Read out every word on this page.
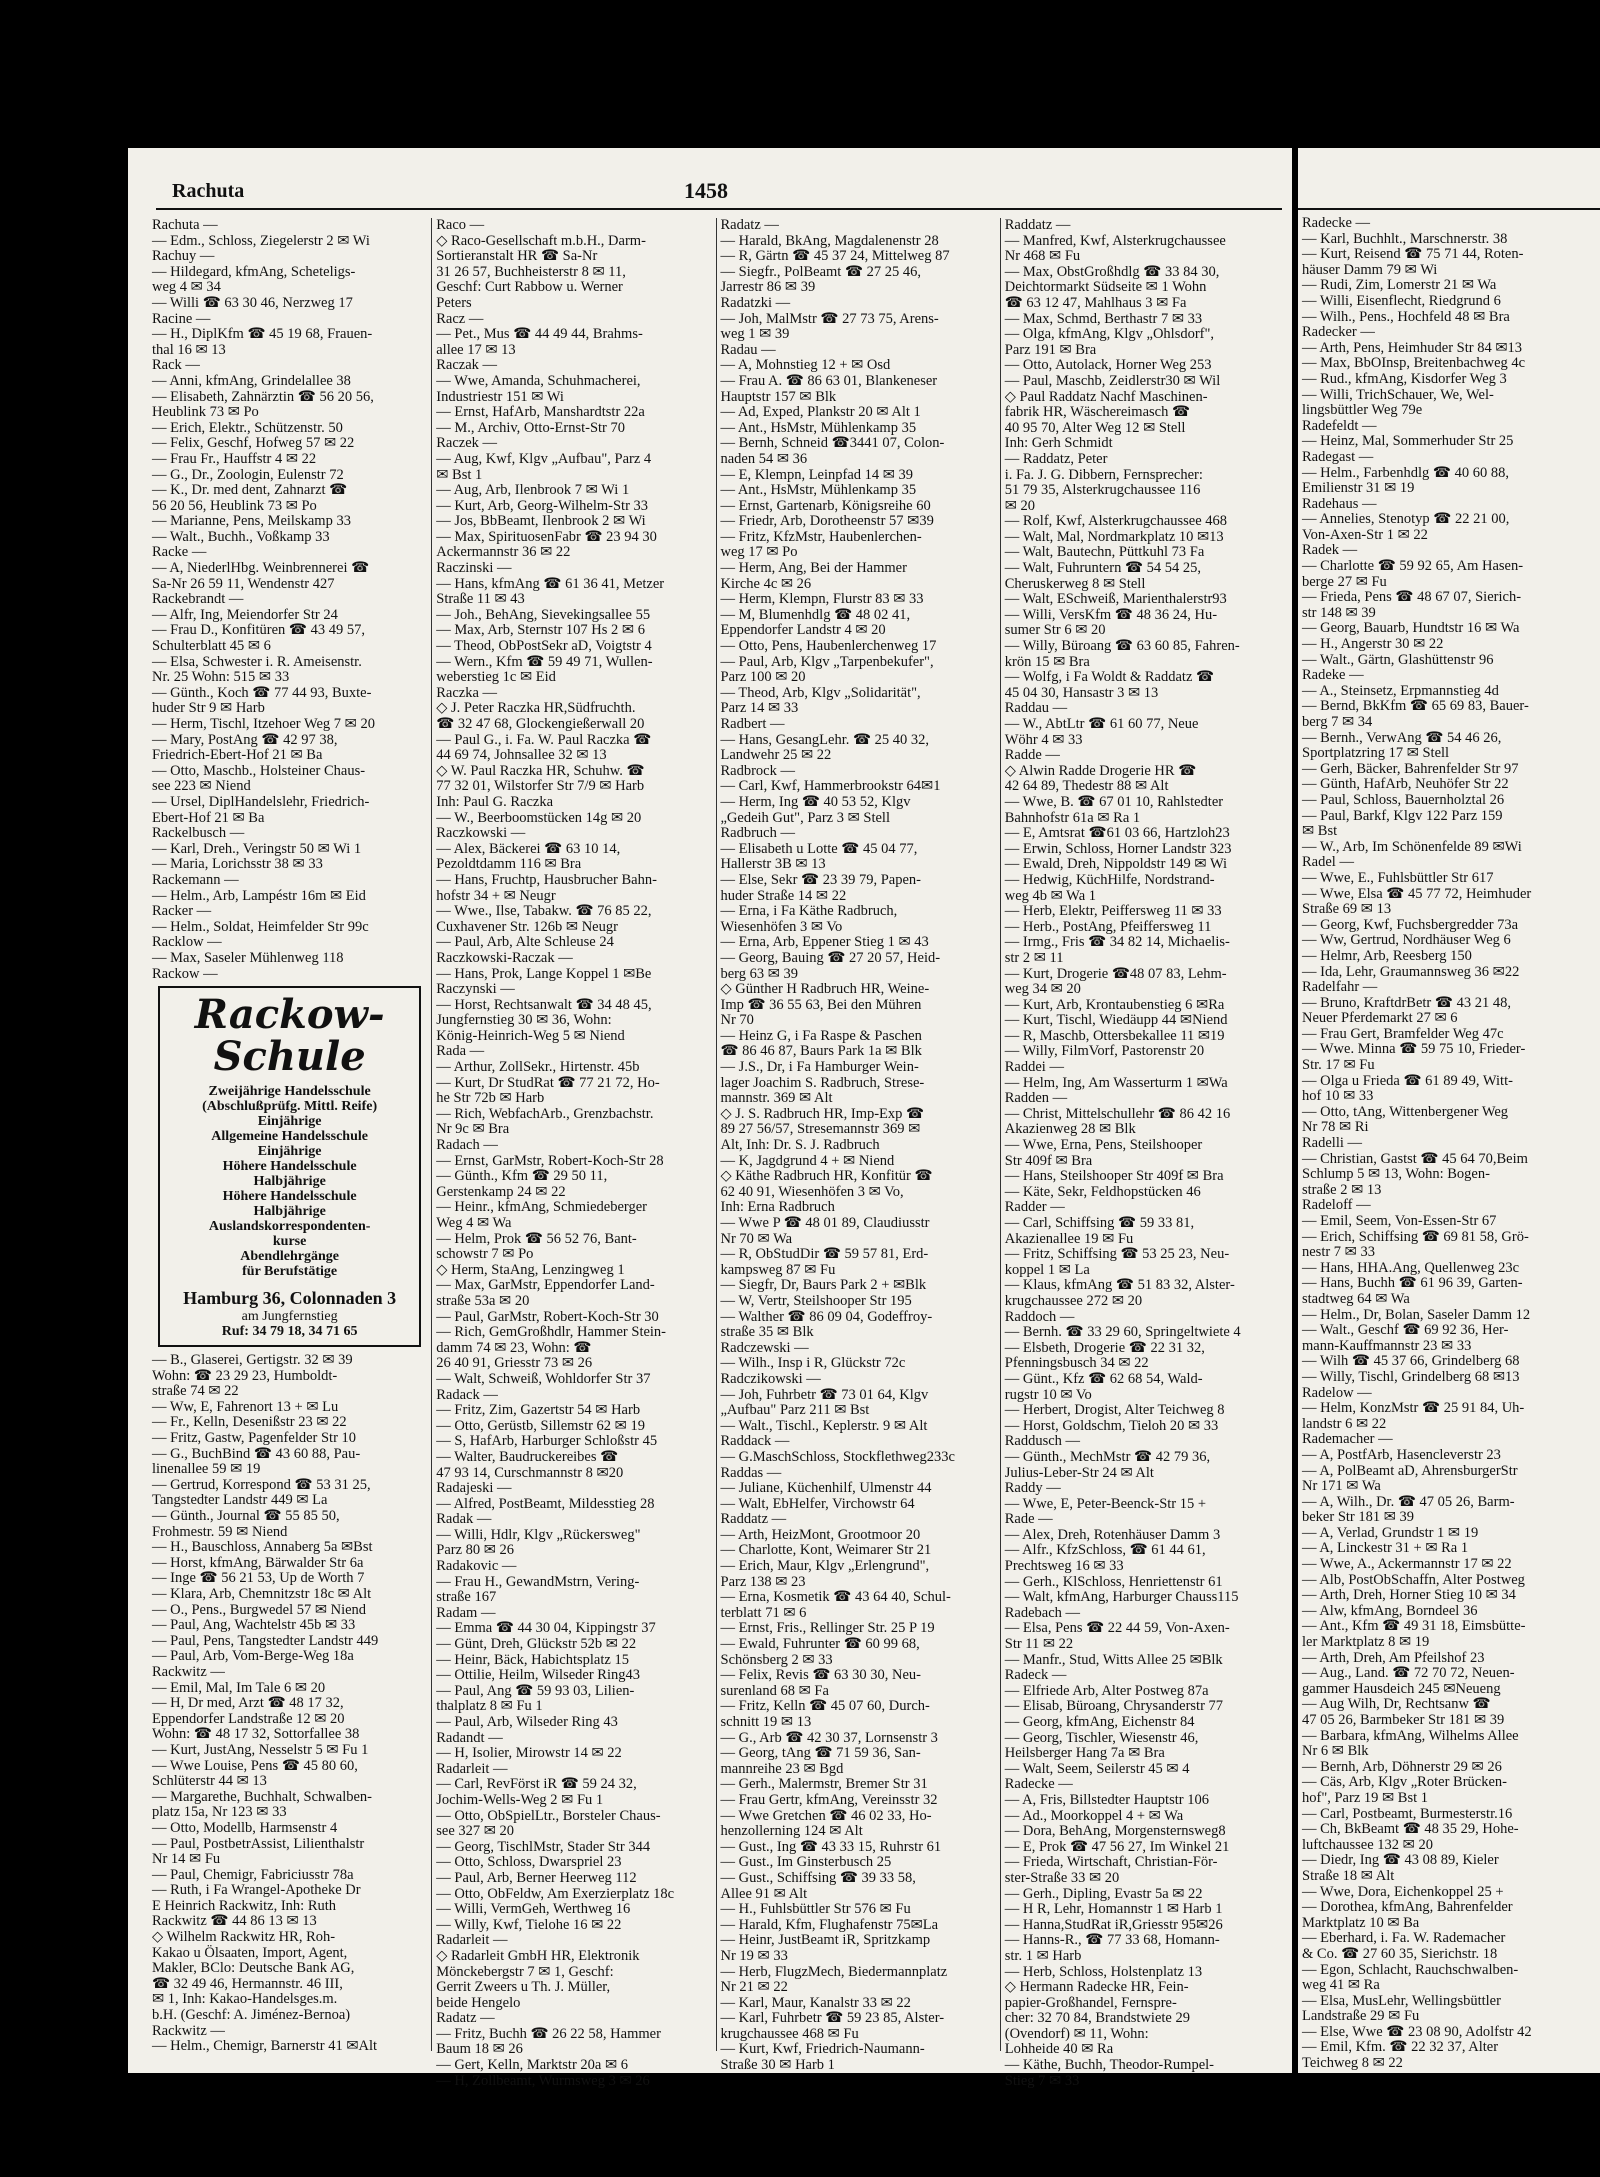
Rachuta	1458
Rachuta —
— Edm., Schloss, Ziegelerstr 2 ✉ Wi
Rachuy —
— Hildegard, kfmAng, Scheteligs-
weg 4 ✉ 34
— Willi ☎ 63 30 46, Nerzweg 17
Racine —
— H., DiplKfm ☎ 45 19 68, Frauen-
thal 16 ✉ 13
Rack —
— Anni, kfmAng, Grindelallee 38
— Elisabeth, Zahnärztin ☎ 56 20 56,
Heublink 73 ✉ Po
— Erich, Elektr., Schützenstr. 50
— Felix, Geschf, Hofweg 57 ✉ 22
— Frau Fr., Hauffstr 4 ✉ 22
— G., Dr., Zoologin, Eulenstr 72
— K., Dr. med dent, Zahnarzt ☎
56 20 56, Heublink 73 ✉ Po
— Marianne, Pens, Meilskamp 33
— Walt., Buchh., Voßkamp 33
Racke —
— A, NiederlHbg. Weinbrennerei ☎
Sa-Nr 26 59 11, Wendenstr 427
Rackebrandt —
— Alfr, Ing, Meiendorfer Str 24
— Frau D., Konfitüren ☎ 43 49 57,
Schulterblatt 45 ✉ 6
— Elsa, Schwester i. R. Ameisenstr.
Nr. 25 Wohn: 515 ✉ 33
— Günth., Koch ☎ 77 44 93, Buxte-
huder Str 9 ✉ Harb
— Herm, Tischl, Itzehoer Weg 7 ✉ 20
— Mary, PostAng ☎ 42 97 38,
Friedrich-Ebert-Hof 21 ✉ Ba
— Otto, Maschb., Holsteiner Chaus-
see 223 ✉ Niend
— Ursel, DiplHandelslehr, Friedrich-
Ebert-Hof 21 ✉ Ba
Rackelbusch —
— Karl, Dreh., Veringstr 50 ✉ Wi 1
— Maria, Lorichsstr 38 ✉ 33
Rackemann —
— Helm., Arb, Lampéstr 16m ✉ Eid
Racker —
— Helm., Soldat, Heimfelder Str 99c
Racklow —
— Max, Saseler Mühlenweg 118
Rackow —
Rackow-
Schule
Zweijährige Handelsschule
(Abschlußprüfg. Mittl. Reife)
Einjährige
Allgemeine Handelsschule
Einjährige
Höhere Handelsschule
Halbjährige
Höhere Handelsschule
Halbjährige
Auslandskorrespondenten-
kurse
Abendlehrgänge
für Berufstätige
Hamburg 36, Colonnaden 3
am Jungfernstieg
Ruf: 34 79 18, 34 71 65
— B., Glaserei, Gertigstr. 32 ✉ 39
Wohn: ☎ 23 29 23, Humboldt-
straße 74 ✉ 22
— Ww, E, Fahrenort 13 + ✉ Lu
— Fr., Kelln, Desenißstr 23 ✉ 22
— Fritz, Gastw, Pagenfelder Str 10
— G., BuchBind ☎ 43 60 88, Pau-
linenallee 59 ✉ 19
— Gertrud, Korrespond ☎ 53 31 25,
Tangstedter Landstr 449 ✉ La
— Günth., Journal ☎ 55 85 50,
Frohmestr. 59 ✉ Niend
— H., Bauschloss, Annaberg 5a ✉Bst
— Horst, kfmAng, Bärwalder Str 6a
— Inge ☎ 56 21 53, Up de Worth 7
— Klara, Arb, Chemnitzstr 18c ✉ Alt
— O., Pens., Burgwedel 57 ✉ Niend
— Paul, Ang, Wachtelstr 45b ✉ 33
— Paul, Pens, Tangstedter Landstr 449
— Paul, Arb, Vom-Berge-Weg 18a
Rackwitz —
— Emil, Mal, Im Tale 6 ✉ 20
— H, Dr med, Arzt ☎ 48 17 32,
Eppendorfer Landstraße 12 ✉ 20
Wohn: ☎ 48 17 32, Sottorfallee 38
— Kurt, JustAng, Nesselstr 5 ✉ Fu 1
— Wwe Louise, Pens ☎ 45 80 60,
Schlüterstr 44 ✉ 13
— Margarethe, Buchhalt, Schwalben-
platz 15a, Nr 123 ✉ 33
— Otto, Modellb, Harmsenstr 4
— Paul, PostbetrAssist, Lilienthalstr
Nr 14 ✉ Fu
— Paul, Chemigr, Fabriciusstr 78a
— Ruth, i Fa Wrangel-Apotheke Dr
E Heinrich Rackwitz, Inh: Ruth
Rackwitz ☎ 44 86 13 ✉ 13
◇ Wilhelm Rackwitz HR, Roh-
Kakao u Ölsaaten, Import, Agent,
Makler, BClo: Deutsche Bank AG,
☎ 32 49 46, Hermannstr. 46 III,
✉ 1, Inh: Kakao-Handelsges.m.
b.H. (Geschf: A. Jiménez-Bernoa)
Rackwitz —
— Helm., Chemigr, Barnerstr 41 ✉Alt
Raco —
◇ Raco-Gesellschaft m.b.H., Darm-
Sortieranstalt HR ☎ Sa-Nr
31 26 57, Buchheisterstr 8 ✉ 11,
Geschf: Curt Rabbow u. Werner
Peters
Racz —
— Pet., Mus ☎ 44 49 44, Brahms-
allee 17 ✉ 13
Raczak —
— Wwe, Amanda, Schuhmacherei,
Industriestr 151 ✉ Wi
— Ernst, HafArb, Manshardtstr 22a
— M., Archiv, Otto-Ernst-Str 70
Raczek —
— Aug, Kwf, Klgv „Aufbau", Parz 4
✉ Bst 1
— Aug, Arb, Ilenbrook 7 ✉ Wi 1
— Kurt, Arb, Georg-Wilhelm-Str 33
— Jos, BbBeamt, Ilenbrook 2 ✉ Wi
— Max, SpirituosenFabr ☎ 23 94 30
Ackermannstr 36 ✉ 22
Raczinski —
— Hans, kfmAng ☎ 61 36 41, Metzer
Straße 11 ✉ 43
— Joh., BehAng, Sievekingsallee 55
— Max, Arb, Sternstr 107 Hs 2 ✉ 6
— Theod, ObPostSekr aD, Voigtstr 4
— Wern., Kfm ☎ 59 49 71, Wullen-
weberstieg 1c ✉ Eid
Raczka —
◇ J. Peter Raczka HR,Südfruchth.
☎ 32 47 68, Glockengießerwall 20
— Paul G., i. Fa. W. Paul Raczka ☎
44 69 74, Johnsallee 32 ✉ 13
◇ W. Paul Raczka HR, Schuhw. ☎
77 32 01, Wilstorfer Str 7/9 ✉ Harb
Inh: Paul G. Raczka
— W., Beerboomstücken 14g ✉ 20
Raczkowski —
— Alex, Bäckerei ☎ 63 10 14,
Pezoldtdamm 116 ✉ Bra
— Hans, Fruchtp, Hausbrucher Bahn-
hofstr 34 + ✉ Neugr
— Wwe., Ilse, Tabakw. ☎ 76 85 22,
Cuxhavener Str. 126b ✉ Neugr
— Paul, Arb, Alte Schleuse 24
Raczkowski-Raczak —
— Hans, Prok, Lange Koppel 1 ✉Be
Raczynski —
— Horst, Rechtsanwalt ☎ 34 48 45,
Jungfernstieg 30 ✉ 36, Wohn:
König-Heinrich-Weg 5 ✉ Niend
Rada —
— Arthur, ZollSekr., Hirtenstr. 45b
— Kurt, Dr StudRat ☎ 77 21 72, Ho-
he Str 72b ✉ Harb
— Rich, WebfachArb., Grenzbachstr.
Nr 9c ✉ Bra
Radach —
— Ernst, GarMstr, Robert-Koch-Str 28
— Günth., Kfm ☎ 29 50 11,
Gerstenkamp 24 ✉ 22
— Heinr., kfmAng, Schmiedeberger
Weg 4 ✉ Wa
— Helm, Prok ☎ 56 52 76, Bant-
schowstr 7 ✉ Po
◇ Herm, StaAng, Lenzingweg 1
— Max, GarMstr, Eppendorfer Land-
straße 53a ✉ 20
— Paul, GarMstr, Robert-Koch-Str 30
— Rich, GemGroßhdlr, Hammer Stein-
damm 74 ✉ 23, Wohn: ☎
26 40 91, Griesstr 73 ✉ 26
— Walt, Schweiß, Wohldorfer Str 37
Radack —
— Fritz, Zim, Gazertstr 54 ✉ Harb
— Otto, Gerüstb, Sillemstr 62 ✉ 19
— S, HafArb, Harburger Schloßstr 45
— Walter, Baudruckereibes ☎
47 93 14, Curschmannstr 8 ✉20
Radajeski —
— Alfred, PostBeamt, Mildesstieg 28
Radak —
— Willi, Hdlr, Klgv „Rückersweg"
Parz 80 ✉ 26
Radakovic —
— Frau H., GewandMstrn, Vering-
straße 167
Radam —
— Emma ☎ 44 30 04, Kippingstr 37
— Günt, Dreh, Glückstr 52b ✉ 22
— Heinr, Bäck, Habichtsplatz 15
— Ottilie, Heilm, Wilseder Ring43
— Paul, Ang ☎ 59 93 03, Lilien-
thalplatz 8 ✉ Fu 1
— Paul, Arb, Wilseder Ring 43
Radandt —
— H, Isolier, Mirowstr 14 ✉ 22
Radarleit —
— Carl, RevFörst iR ☎ 59 24 32,
Jochim-Wells-Weg 2 ✉ Fu 1
— Otto, ObSpielLtr., Borsteler Chaus-
see 327 ✉ 20
— Georg, TischlMstr, Stader Str 344
— Otto, Schloss, Dwarspriel 23
— Paul, Arb, Berner Heerweg 112
— Otto, ObFeldw, Am Exerzierplatz 18c
— Willi, VermGeh, Werthweg 16
— Willy, Kwf, Tielohe 16 ✉ 22
Radarleit —
◇ Radarleit GmbH HR, Elektronik
Mönckebergstr 7 ✉ 1, Geschf:
Gerrit Zweers u Th. J. Müller,
beide Hengelo
Radatz —
— Fritz, Buchh ☎ 26 22 58, Hammer
Baum 18 ✉ 26
— Gert, Kelln, Marktstr 20a ✉ 6
— H, Zollbeamt, Wurmsweg 3 ✉ 26
Radatz —
— Harald, BkAng, Magdalenenstr 28
— R, Gärtn ☎ 45 37 24, Mittelweg 87
— Siegfr., PolBeamt ☎ 27 25 46,
Jarrestr 86 ✉ 39
Radatzki —
— Joh, MalMstr ☎ 27 73 75, Arens-
weg 1 ✉ 39
Radau —
— A, Mohnstieg 12 + ✉ Osd
— Frau A. ☎ 86 63 01, Blankeneser
Hauptstr 157 ✉ Blk
— Ad, Exped, Plankstr 20 ✉ Alt 1
— Ant., HsMstr, Mühlenkamp 35
— Bernh, Schneid ☎3441 07, Colon-
naden 54 ✉ 36
— E, Klempn, Leinpfad 14 ✉ 39
— Ant., HsMstr, Mühlenkamp 35
— Ernst, Gartenarb, Königsreihe 60
— Friedr, Arb, Dorotheenstr 57 ✉39
— Fritz, KfzMstr, Haubenlerchen-
weg 17 ✉ Po
— Herm, Ang, Bei der Hammer
Kirche 4c ✉ 26
— Herm, Klempn, Flurstr 83 ✉ 33
— M, Blumenhdlg ☎ 48 02 41,
Eppendorfer Landstr 4 ✉ 20
— Otto, Pens, Haubenlerchenweg 17
— Paul, Arb, Klgv „Tarpenbekufer",
Parz 100 ✉ 20
— Theod, Arb, Klgv „Solidarität",
Parz 14 ✉ 33
Radbert —
— Hans, GesangLehr. ☎ 25 40 32,
Landwehr 25 ✉ 22
Radbrock —
— Carl, Kwf, Hammerbrookstr 64✉1
— Herm, Ing ☎ 40 53 52, Klgv
„Gedeih Gut", Parz 3 ✉ Stell
Radbruch —
— Elisabeth u Lotte ☎ 45 04 77,
Hallerstr 3B ✉ 13
— Else, Sekr ☎ 23 39 79, Papen-
huder Straße 14 ✉ 22
— Erna, i Fa Käthe Radbruch,
Wiesenhöfen 3 ✉ Vo
— Erna, Arb, Eppener Stieg 1 ✉ 43
— Georg, Bauing ☎ 27 20 57, Heid-
berg 63 ✉ 39
◇ Günther H Radbruch HR, Weine-
Imp ☎ 36 55 63, Bei den Mühren
Nr 70
— Heinz G, i Fa Raspe & Paschen
☎ 86 46 87, Baurs Park 1a ✉ Blk
— J.S., Dr, i Fa Hamburger Wein-
lager Joachim S. Radbruch, Strese-
mannstr. 369 ✉ Alt
◇ J. S. Radbruch HR, Imp-Exp ☎
89 27 56/57, Stresemannstr 369 ✉
Alt, Inh: Dr. S. J. Radbruch
— K, Jagdgrund 4 + ✉ Niend
◇ Käthe Radbruch HR, Konfitür ☎
62 40 91, Wiesenhöfen 3 ✉ Vo,
Inh: Erna Radbruch
— Wwe P ☎ 48 01 89, Claudiusstr
Nr 70 ✉ Wa
— R, ObStudDir ☎ 59 57 81, Erd-
kampsweg 87 ✉ Fu
— Siegfr, Dr, Baurs Park 2 + ✉Blk
— W, Vertr, Steilshooper Str 195
— Walther ☎ 86 09 04, Godeffroy-
straße 35 ✉ Blk
Radczewski —
— Wilh., Insp i R, Glückstr 72c
Radczikowski —
— Joh, Fuhrbetr ☎ 73 01 64, Klgv
„Aufbau" Parz 211 ✉ Bst
— Walt., Tischl., Keplerstr. 9 ✉ Alt
Raddack —
— G.MaschSchloss, Stockflethweg233c
Raddas —
— Juliane, Küchenhilf, Ulmenstr 44
— Walt, EbHelfer, Virchowstr 64
Raddatz —
— Arth, HeizMont, Grootmoor 20
— Charlotte, Kont, Weimarer Str 21
— Erich, Maur, Klgv „Erlengrund",
Parz 138 ✉ 23
— Erna, Kosmetik ☎ 43 64 40, Schul-
terblatt 71 ✉ 6
— Ernst, Fris., Rellinger Str. 25 P 19
— Ewald, Fuhrunter ☎ 60 99 68,
Schönsberg 2 ✉ 33
— Felix, Revis ☎ 63 30 30, Neu-
surenland 68 ✉ Fa
— Fritz, Kelln ☎ 45 07 60, Durch-
schnitt 19 ✉ 13
— G., Arb ☎ 42 30 37, Lornsenstr 3
— Georg, tAng ☎ 71 59 36, San-
mannreihe 23 ✉ Bgd
— Gerh., Malermstr, Bremer Str 31
— Frau Gertr, kfmAng, Vereinsstr 32
— Wwe Gretchen ☎ 46 02 33, Ho-
henzollerning 124 ✉ Alt
— Gust., Ing ☎ 43 33 15, Ruhrstr 61
— Gust., Im Ginsterbusch 25
— Gust., Schiffsing ☎ 39 33 58,
Allee 91 ✉ Alt
— H., Fuhlsbüttler Str 576 ✉ Fu
— Harald, Kfm, Flughafenstr 75✉La
— Heinr, JustBeamt iR, Spritzkamp
Nr 19 ✉ 33
— Herb, FlugzMech, Biedermannplatz
Nr 21 ✉ 22
— Karl, Maur, Kanalstr 33 ✉ 22
— Karl, Fuhrbetr ☎ 59 23 85, Alster-
krugchaussee 468 ✉ Fu
— Kurt, Kwf, Friedrich-Naumann-
Straße 30 ✉ Harb 1
Raddatz —
— Manfred, Kwf, Alsterkrugchaussee
Nr 468 ✉ Fu
— Max, ObstGroßhdlg ☎ 33 84 30,
Deichtormarkt Südseite ✉ 1 Wohn
☎ 63 12 47, Mahlhaus 3 ✉ Fa
— Max, Schmd, Berthastr 7 ✉ 33
— Olga, kfmAng, Klgv „Ohlsdorf",
Parz 191 ✉ Bra
— Otto, Autolack, Horner Weg 253
— Paul, Maschb, Zeidlerstr30 ✉ Wil
◇ Paul Raddatz Nachf Maschinen-
fabrik HR, Wäschereimasch ☎
40 95 70, Alter Weg 12 ✉ Stell
Inh: Gerh Schmidt
— Raddatz, Peter
i. Fa. J. G. Dibbern, Fernsprecher:
51 79 35, Alsterkrugchaussee 116
✉ 20
— Rolf, Kwf, Alsterkrugchaussee 468
— Walt, Mal, Nordmarkplatz 10 ✉13
— Walt, Bautechn, Püttkuhl 73 Fa
— Walt, Fuhruntern ☎ 54 54 25,
Cheruskerweg 8 ✉ Stell
— Walt, ESchweiß, Marienthalerstr93
— Willi, VersKfm ☎ 48 36 24, Hu-
sumer Str 6 ✉ 20
— Willy, Büroang ☎ 63 60 85, Fahren-
krön 15 ✉ Bra
— Wolfg, i Fa Woldt & Raddatz ☎
45 04 30, Hansastr 3 ✉ 13
Raddau —
— W., AbtLtr ☎ 61 60 77, Neue
Wöhr 4 ✉ 33
Radde —
◇ Alwin Radde Drogerie HR ☎
42 64 89, Thedestr 88 ✉ Alt
— Wwe, B. ☎ 67 01 10, Rahlstedter
Bahnhofstr 61a ✉ Ra 1
— E, Amtsrat ☎61 03 66, Hartzloh23
— Erwin, Schloss, Horner Landstr 323
— Ewald, Dreh, Nippoldstr 149 ✉ Wi
— Hedwig, KüchHilfe, Nordstrand-
weg 4b ✉ Wa 1
— Herb, Elektr, Peiffersweg 11 ✉ 33
— Herb., PostAng, Pfeiffersweg 11
— Irmg., Fris ☎ 34 82 14, Michaelis-
str 2 ✉ 11
— Kurt, Drogerie ☎48 07 83, Lehm-
weg 34 ✉ 20
— Kurt, Arb, Krontaubenstieg 6 ✉Ra
— Kurt, Tischl, Wiedäupp 44 ✉Niend
— R, Maschb, Ottersbekallee 11 ✉19
— Willy, FilmVorf, Pastorenstr 20
Raddei —
— Helm, Ing, Am Wasserturm 1 ✉Wa
Radden —
— Christ, Mittelschullehr ☎ 86 42 16
Akazienweg 28 ✉ Blk
— Wwe, Erna, Pens, Steilshooper
Str 409f ✉ Bra
— Hans, Steilshooper Str 409f ✉ Bra
— Käte, Sekr, Feldhopstücken 46
Radder —
— Carl, Schiffsing ☎ 59 33 81,
Akazienallee 19 ✉ Fu
— Fritz, Schiffsing ☎ 53 25 23, Neu-
koppel 1 ✉ La
— Klaus, kfmAng ☎ 51 83 32, Alster-
krugchaussee 272 ✉ 20
Raddoch —
— Bernh. ☎ 33 29 60, Springeltwiete 4
— Elsbeth, Drogerie ☎ 22 31 32,
Pfenningsbusch 34 ✉ 22
— Günt., Kfz ☎ 62 68 54, Wald-
rugstr 10 ✉ Vo
— Herbert, Drogist, Alter Teichweg 8
— Horst, Goldschm, Tieloh 20 ✉ 33
Raddusch —
— Günth., MechMstr ☎ 42 79 36,
Julius-Leber-Str 24 ✉ Alt
Raddy —
— Wwe, E, Peter-Beenck-Str 15 +
Rade —
— Alex, Dreh, Rotenhäuser Damm 3
— Alfr., KfzSchloss, ☎ 61 44 61,
Prechtsweg 16 ✉ 33
— Gerh., KlSchloss, Henriettenstr 61
— Walt, kfmAng, Harburger Chauss115
Radebach —
— Elsa, Pens ☎ 22 44 59, Von-Axen-
Str 11 ✉ 22
— Manfr., Stud, Witts Allee 25 ✉Blk
Radeck —
— Elfriede Arb, Alter Postweg 87a
— Elisab, Büroang, Chrysanderstr 77
— Georg, kfmAng, Eichenstr 84
— Georg, Tischler, Wiesenstr 46,
Heilsberger Hang 7a ✉ Bra
— Walt, Seem, Seilerstr 45 ✉ 4
Radecke —
— A, Fris, Billstedter Hauptstr 106
— Ad., Moorkoppel 4 + ✉ Wa
— Dora, BehAng, Morgensternsweg8
— E, Prok ☎ 47 56 27, Im Winkel 21
— Frieda, Wirtschaft, Christian-För-
ster-Straße 33 ✉ 20
— Gerh., Dipling, Evastr 5a ✉ 22
— H R, Lehr, Homannstr 1 ✉ Harb 1
— Hanna,StudRat iR,Griesstr 95✉26
— Hanns-R., ☎ 77 33 68, Homann-
str. 1 ✉ Harb
— Herb, Schloss, Holstenplatz 13
◇ Hermann Radecke HR, Fein-
papier-Großhandel, Fernspre-
cher: 32 70 84, Brandstwiete 29
(Ovendorf) ✉ 11, Wohn:
Lohheide 40 ✉ Ra
— Käthe, Buchh, Theodor-Rumpel-
Stieg 7 ✉ 33
Radecke —
— Karl, Buchhlt., Marschnerstr. 38
— Kurt, Reisend ☎ 75 71 44, Roten-
häuser Damm 79 ✉ Wi
— Rudi, Zim, Lomerstr 21 ✉ Wa
— Willi, Eisenflecht, Riedgrund 6
— Wilh., Pens., Hochfeld 48 ✉ Bra
Radecker —
— Arth, Pens, Heimhuder Str 84 ✉13
— Max, BbOInsp, Breitenbachweg 4c
— Rud., kfmAng, Kisdorfer Weg 3
— Willi, TrichSchauer, We, Wel-
lingsbüttler Weg 79e
Radefeldt —
— Heinz, Mal, Sommerhuder Str 25
Radegast —
— Helm., Farbenhdlg ☎ 40 60 88,
Emilienstr 31 ✉ 19
Radehaus —
— Annelies, Stenotyp ☎ 22 21 00,
Von-Axen-Str 1 ✉ 22
Radek —
— Charlotte ☎ 59 92 65, Am Hasen-
berge 27 ✉ Fu
— Frieda, Pens ☎ 48 67 07, Sierich-
str 148 ✉ 39
— Georg, Bauarb, Hundtstr 16 ✉ Wa
— H., Angerstr 30 ✉ 22
— Walt., Gärtn, Glashüttenstr 96
Radeke —
— A., Steinsetz, Erpmannstieg 4d
— Bernd, BkKfm ☎ 65 69 83, Bauer-
berg 7 ✉ 34
— Bernh., VerwAng ☎ 54 46 26,
Sportplatzring 17 ✉ Stell
— Gerh, Bäcker, Bahrenfelder Str 97
— Günth, HafArb, Neuhöfer Str 22
— Paul, Schloss, Bauernholztal 26
— Paul, Barkf, Klgv 122 Parz 159
✉ Bst
— W., Arb, Im Schönenfelde 89 ✉Wi
Radel —
— Wwe, E., Fuhlsbüttler Str 617
— Wwe, Elsa ☎ 45 77 72, Heimhuder
Straße 69 ✉ 13
— Georg, Kwf, Fuchsbergredder 73a
— Ww, Gertrud, Nordhäuser Weg 6
— Helmr, Arb, Reesberg 150
— Ida, Lehr, Graumannsweg 36 ✉22
Radelfahr —
— Bruno, KraftdrBetr ☎ 43 21 48,
Neuer Pferdemarkt 27 ✉ 6
— Frau Gert, Bramfelder Weg 47c
— Wwe. Minna ☎ 59 75 10, Frieder-
Str. 17 ✉ Fu
— Olga u Frieda ☎ 61 89 49, Witt-
hof 10 ✉ 33
— Otto, tAng, Wittenbergener Weg
Nr 78 ✉ Ri
Radelli —
— Christian, Gastst ☎ 45 64 70,Beim
Schlump 5 ✉ 13, Wohn: Bogen-
straße 2 ✉ 13
Radeloff —
— Emil, Seem, Von-Essen-Str 67
— Erich, Schiffsing ☎ 69 81 58, Grö-
nestr 7 ✉ 33
— Hans, HHA.Ang, Quellenweg 23c
— Hans, Buchh ☎ 61 96 39, Garten-
stadtweg 64 ✉ Wa
— Helm., Dr, Bolan, Saseler Damm 12
— Walt., Geschf ☎ 69 92 36, Her-
mann-Kauffmannstr 23 ✉ 33
— Wilh ☎ 45 37 66, Grindelberg 68
— Willy, Tischl, Grindelberg 68 ✉13
Radelow —
— Helm, KonzMstr ☎ 25 91 84, Uh-
landstr 6 ✉ 22
Rademacher —
— A, PostfArb, Hasencleverstr 23
— A, PolBeamt aD, AhrensburgerStr
Nr 171 ✉ Wa
— A, Wilh., Dr. ☎ 47 05 26, Barm-
beker Str 181 ✉ 39
— A, Verlad, Grundstr 1 ✉ 19
— A, Linckestr 31 + ✉ Ra 1
— Wwe, A., Ackermannstr 17 ✉ 22
— Alb, PostObSchaffn, Alter Postweg
— Arth, Dreh, Horner Stieg 10 ✉ 34
— Alw, kfmAng, Borndeel 36
— Ant., Kfm ☎ 49 31 18, Eimsbütte-
ler Marktplatz 8 ✉ 19
— Arth, Dreh, Am Pfeilshof 23
— Aug., Land. ☎ 72 70 72, Neuen-
gammer Hausdeich 245 ✉Neueng
— Aug Wilh, Dr, Rechtsanw ☎
47 05 26, Barmbeker Str 181 ✉ 39
— Barbara, kfmAng, Wilhelms Allee
Nr 6 ✉ Blk
— Bernh, Arb, Döhnerstr 29 ✉ 26
— Cäs, Arb, Klgv „Roter Brücken-
hof", Parz 19 ✉ Bst 1
— Carl, Postbeamt, Burmesterstr.16
— Ch, BkBeamt ☎ 48 35 29, Hohe-
luftchaussee 132 ✉ 20
— Diedr, Ing ☎ 43 08 89, Kieler
Straße 18 ✉ Alt
— Wwe, Dora, Eichenkoppel 25 +
— Dorothea, kfmAng, Bahrenfelder
Marktplatz 10 ✉ Ba
— Eberhard, i. Fa. W. Rademacher
& Co. ☎ 27 60 35, Sierichstr. 18
— Egon, Schlacht, Rauchschwalben-
weg 41 ✉ Ra
— Elsa, MusLehr, Wellingsbüttler
Landstraße 29 ✉ Fu
— Else, Wwe ☎ 23 08 90, Adolfstr 42
— Emil, Kfm. ☎ 22 32 37, Alter
Teichweg 8 ✉ 22
